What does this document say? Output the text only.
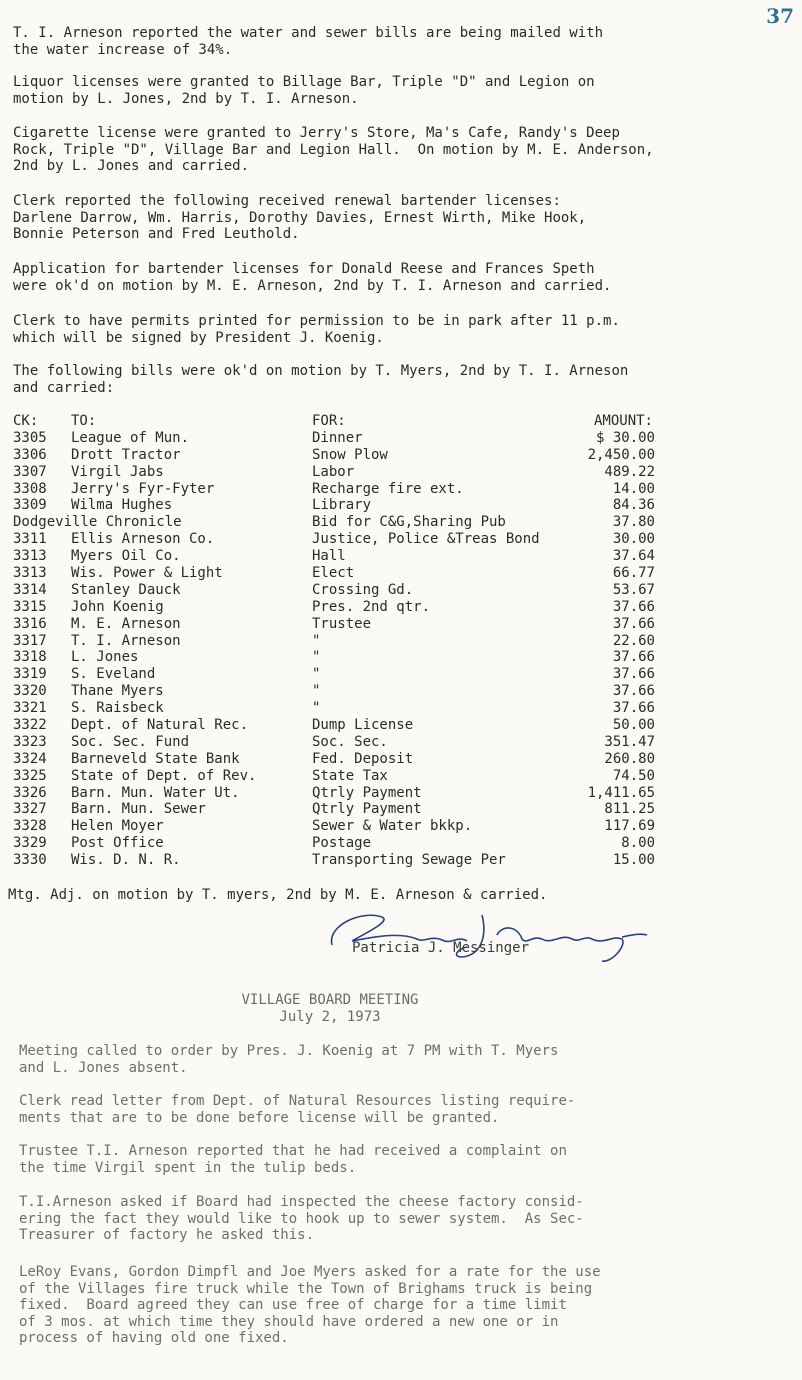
37

T. I. Arneson reported the water and sewer bills are being mailed with
the water increase of 34%.

Liquor licenses were granted to Billage Bar, Triple "D" and Legion on
motion by L. Jones, 2nd by T. I. Arneson.

Cigarette license were granted to Jerry's Store, Ma's Cafe, Randy's Deep
Rock, Triple "D", Village Bar and Legion Hall.  On motion by M. E. Anderson,
2nd by L. Jones and carried.

Clerk reported the following received renewal bartender licenses:
Darlene Darrow, Wm. Harris, Dorothy Davies, Ernest Wirth, Mike Hook,
Bonnie Peterson and Fred Leuthold.

Application for bartender licenses for Donald Reese and Frances Speth
were ok'd on motion by M. E. Arneson, 2nd by T. I. Arneson and carried.

Clerk to have permits printed for permission to be in park after 11 p.m.
which will be signed by President J. Koenig.

The following bills were ok'd on motion by T. Myers, 2nd by T. I. Arneson
and carried:

CK: TO:	FOR:	AMOUNT:
3305 League of Mun.	Dinner	$ 30.00
3306 Drott Tractor	Snow Plow	2,450.00
3307 Virgil Jabs	Labor	489.22
3308 Jerry's Fyr-Fyter	Recharge fire ext.	14.00
3309 Wilma Hughes	Library	84.36
Dodgeville Chronicle	Bid for C&G,Sharing Pub	37.80
3311 Ellis Arneson Co.	Justice, Police &Treas Bond	30.00
3313 Myers Oil Co.	Hall	37.64
3313 Wis. Power & Light	Elect	66.77
3314 Stanley Dauck	Crossing Gd.	53.67
3315 John Koenig	Pres. 2nd qtr.	37.66
3316 M. E. Arneson	Trustee	37.66
3317 T. I. Arneson	"	22.60
3318 L. Jones	"	37.66
3319 S. Eveland	"	37.66
3320 Thane Myers	"	37.66
3321 S. Raisbeck	"	37.66
3322 Dept. of Natural Rec.	Dump License	50.00
3323 Soc. Sec. Fund	Soc. Sec.	351.47
3324 Barneveld State Bank	Fed. Deposit	260.80
3325 State of Dept. of Rev.	State Tax	74.50
3326 Barn. Mun. Water Ut.	Qtrly Payment	1,411.65
3327 Barn. Mun. Sewer	Qtrly Payment	811.25
3328 Helen Moyer	Sewer & Water bkkp.	117.69
3329 Post Office	Postage	8.00
3330 Wis. D. N. R.	Transporting Sewage Per	15.00
Mtg. Adj. on motion by T. myers, 2nd by M. E. Arneson & carried.
Patricia J. Messinger
VILLAGE BOARD MEETING
July 2, 1973

Meeting called to order by Pres. J. Koenig at 7 PM with T. Myers
and L. Jones absent.

Clerk read letter from Dept. of Natural Resources listing require-
ments that are to be done before license will be granted.

Trustee T.I. Arneson reported that he had received a complaint on
the time Virgil spent in the tulip beds.

T.I.Arneson asked if Board had inspected the cheese factory consid-
ering the fact they would like to hook up to sewer system.  As Sec-
Treasurer of factory he asked this.

LeRoy Evans, Gordon Dimpfl and Joe Myers asked for a rate for the use
of the Villages fire truck while the Town of Brighams truck is being
fixed.  Board agreed they can use free of charge for a time limit
of 3 mos. at which time they should have ordered a new one or in
process of having old one fixed.
